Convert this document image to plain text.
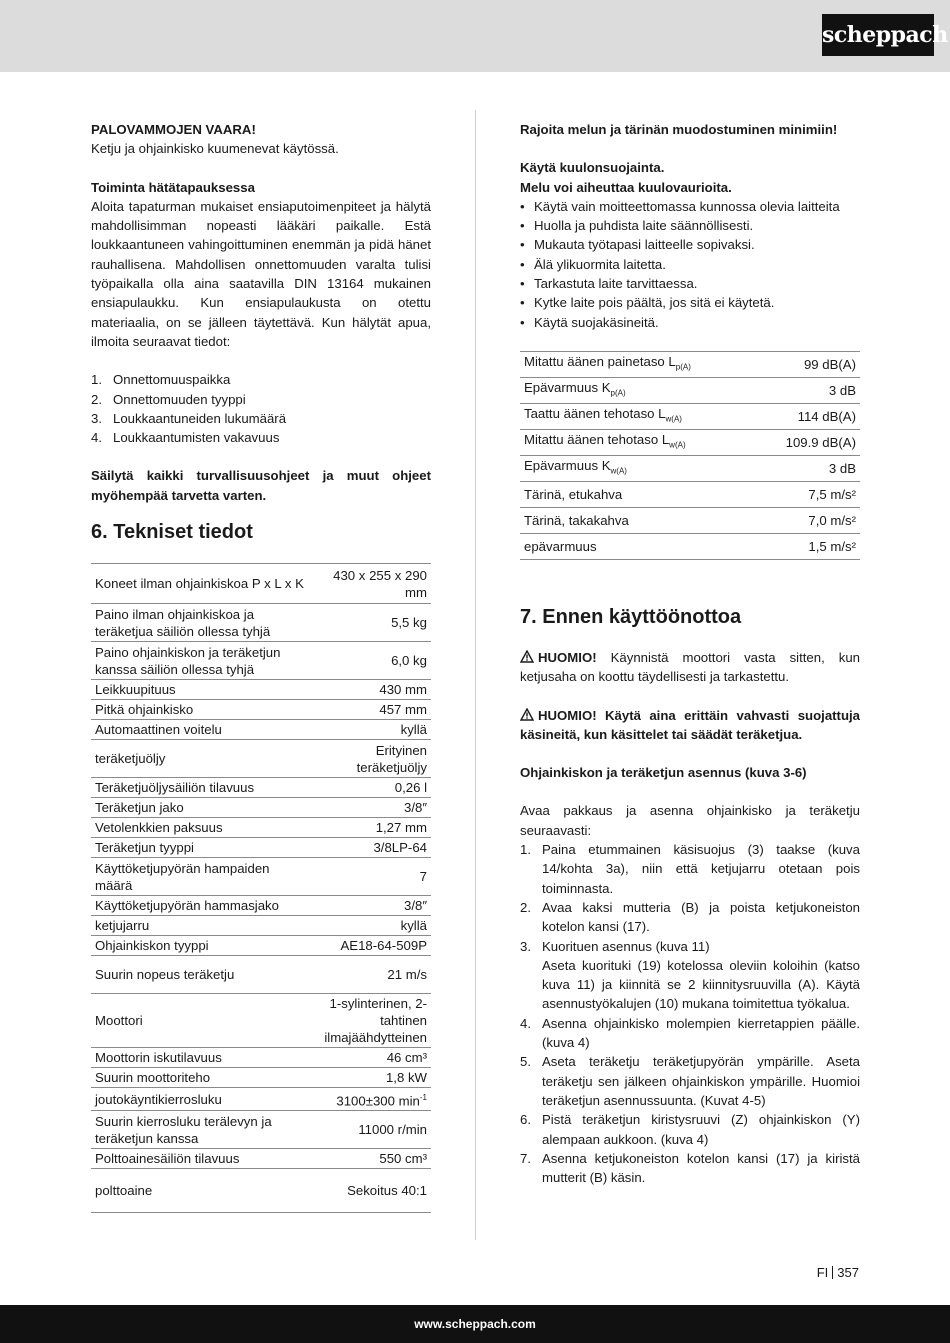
scheppach
PALOVAMMOJEN VAARA!
Ketju ja ohjainkisko kuumenevat käytössä.
Toiminta hätätapauksessa
Aloita tapaturman mukaiset ensiaputoimenpiteet ja hälytä mahdollisimman nopeasti lääkäri paikalle. Estä loukkaantuneen vahingoittuminen enemmän ja pidä hänet rauhallisena. Mahdollisen onnettomuuden varalta tulisi työpaikalla olla aina saatavilla DIN 13164 mukainen ensiapulaukku. Kun ensiapulaukusta on otettu materiaalia, on se jälleen täytettävä. Kun hälytät apua, ilmoita seuraavat tiedot:
1. Onnettomuuspaikka
2. Onnettomuuden tyyppi
3. Loukkaantuneiden lukumäärä
4. Loukkaantumisten vakavuus
Säilytä kaikki turvallisuusohjeet ja muut ohjeet myöhempää tarvetta varten.
6. Tekniset tiedot
Koneet ilman ohjainkiskoa P x L x K	430 x 255 x 290 mm
Paino ilman ohjainkiskoa ja teräketjua säiliön ollessa tyhjä	5,5 kg
Paino ohjainkiskon ja teräketjun kanssa säiliön ollessa tyhjä	6,0 kg
Leikkuupituus	430 mm
Pitkä ohjainkisko	457 mm
Automaattinen voitelu	kyllä
teräketjuöljy	Erityinen teräketjuöljy
Teräketjuöljysäiliön tilavuus	0,26 l
Teräketjun jako	3/8″
Vetolenkkien paksuus	1,27 mm
Teräketjun tyyppi	3/8LP-64
Käyttöketjupyörän hampaiden määrä	7
Käyttöketjupyörän hammasjako	3/8″
ketjujarru	kyllä
Ohjainkiskon tyyppi	AE18-64-509P
Suurin nopeus teräketju	21 m/s
Moottori	1-sylinterinen, 2-tahtinen ilmajäähdytteinen
Moottorin iskutilavuus	46 cm³
Suurin moottoriteho	1,8 kW
joutokäyntikierrosluku	3100±300 $\min^{-1}$
Suurin kierrosluku terälevyn ja teräketjun kanssa	11000 r/min
Polttoainesäiliön tilavuus	550 cm³
polttoaine	Sekoitus 40:1
Rajoita melun ja tärinän muodostuminen minimiin!
Käytä kuulonsuojainta.
Melu voi aiheuttaa kuulovaurioita.
• Käytä vain moitteettomassa kunnossa olevia laitteita
• Huolla ja puhdista laite säännöllisesti.
• Mukauta työtapasi laitteelle sopivaksi.
• Älä ylikuormita laitetta.
• Tarkastuta laite tarvittaessa.
• Kytke laite pois päältä, jos sitä ei käytetä.
• Käytä suojakäsineitä.
Mitattu äänen painetaso $L_{p(A)}$	99 dB(A)
Epävarmuus $K_{p(A)}$	3 dB
Taattu äänen tehotaso $L_{w(A)}$	114 dB(A)
Mitattu äänen tehotaso $L_{w(A)}$	109.9 dB(A)
Epävarmuus $K_{w(A)}$	3 dB
Tärinä, etukahva	7,5 m/s²
Tärinä, takakahva	7,0 m/s²
epävarmuus	1,5 m/s²
7. Ennen käyttöönottoa
HUOMIO! Käynnistä moottori vasta sitten, kun ketjusaha on koottu täydellisesti ja tarkastettu.
HUOMIO! Käytä aina erittäin vahvasti suojattuja käsineitä, kun käsittelet tai säädät teräketjua.
Ohjainkiskon ja teräketjun asennus (kuva 3-6)
Avaa pakkaus ja asenna ohjainkisko ja teräketju seuraavasti:
1. Paina etummainen käsisuojus (3) taakse (kuva 14/kohta 3a), niin että ketjujarru otetaan pois toiminnasta.
2. Avaa kaksi mutteria (B) ja poista ketjukoneiston kotelon kansi (17).
3. Kuorituen asennus (kuva 11)
Aseta kuorituki (19) kotelossa oleviin koloihin (katso kuva 11) ja kiinnitä se 2 kiinnitysruuvilla (A). Käytä asennustyökalujen (10) mukana toimitettua työkalua.
4. Asenna ohjainkisko molempien kierretappien päälle. (kuva 4)
5. Aseta teräketju teräketjupyörän ympärille. Aseta teräketju sen jälkeen ohjainkiskon ympärille. Huomioi teräketjun asennussuunta. (Kuvat 4-5)
6. Pistä teräketjun kiristysruuvi (Z) ohjainkiskon (Y) alempaan aukkoon. (kuva 4)
7. Asenna ketjukoneiston kotelon kansi (17) ja kiristä mutterit (B) käsin.
FI 357
www.scheppach.com
